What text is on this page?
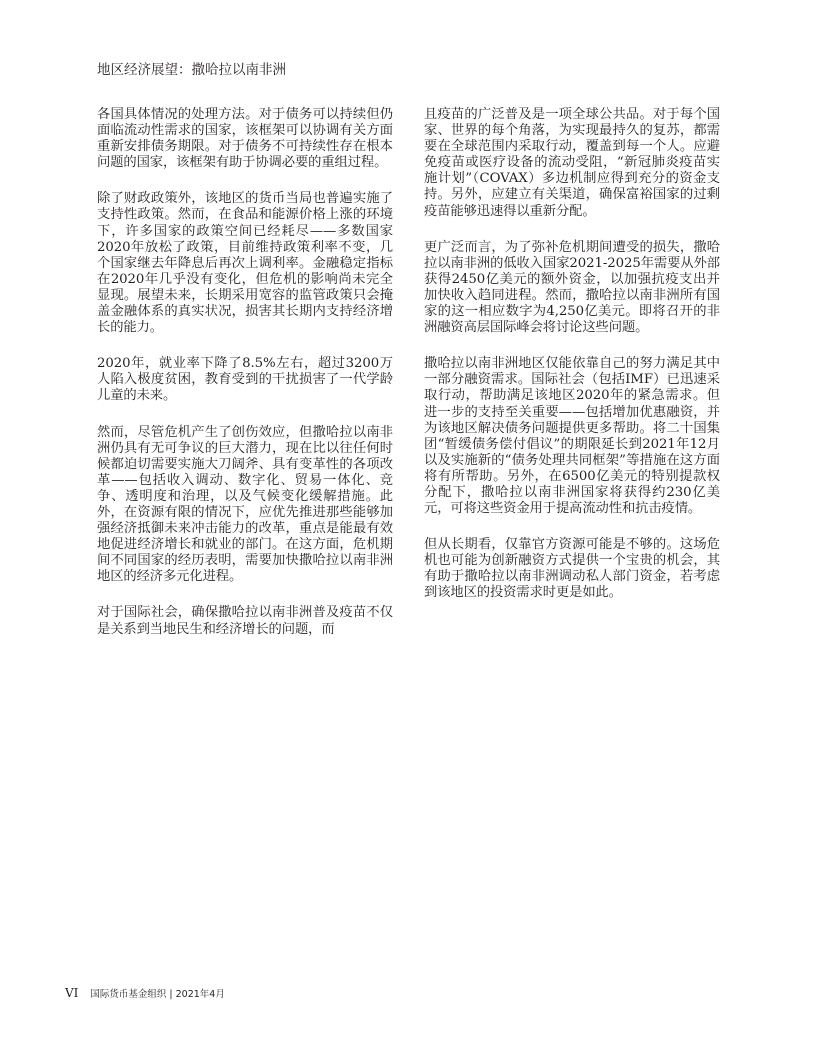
地区经济展望：撒哈拉以南非洲

各国具体情况的处理方法。对于债务可以持续但仍面临流动性需求的国家，该框架可以协调有关方面重新安排债务期限。对于债务不可持续性存在根本问题的国家，该框架有助于协调必要的重组过程。

除了财政政策外，该地区的货币当局也普遍实施了支持性政策。然而，在食品和能源价格上涨的环境下，许多国家的政策空间已经耗尽——多数国家2020年放松了政策，目前维持政策利率不变，几个国家继去年降息后再次上调利率。金融稳定指标在2020年几乎没有变化，但危机的影响尚未完全显现。展望未来，长期采用宽容的监管政策只会掩盖金融体系的真实状况，损害其长期内支持经济增长的能力。

2020年，就业率下降了8.5%左右，超过3200万人陷入极度贫困，教育受到的干扰损害了一代学龄儿童的未来。

然而，尽管危机产生了创伤效应，但撒哈拉以南非洲仍具有无可争议的巨大潜力，现在比以往任何时候都迫切需要实施大刀阔斧、具有变革性的各项改革——包括收入调动、数字化、贸易一体化、竞争、透明度和治理，以及气候变化缓解措施。此外，在资源有限的情况下，应优先推进那些能够加强经济抵御未来冲击能力的改革，重点是能最有效地促进经济增长和就业的部门。在这方面，危机期间不同国家的经历表明，需要加快撒哈拉以南非洲地区的经济多元化进程。

对于国际社会，确保撒哈拉以南非洲普及疫苗不仅是关系到当地民生和经济增长的问题，而

且疫苗的广泛普及是一项全球公共品。对于每个国家、世界的每个角落，为实现最持久的复苏，都需要在全球范围内采取行动，覆盖到每一个人。应避免疫苗或医疗设备的流动受阻，“新冠肺炎疫苗实施计划”（COVAX）多边机制应得到充分的资金支持。另外，应建立有关渠道，确保富裕国家的过剩疫苗能够迅速得以重新分配。

更广泛而言，为了弥补危机期间遭受的损失，撒哈拉以南非洲的低收入国家2021-2025年需要从外部获得2450亿美元的额外资金，以加强抗疫支出并加快收入趋同进程。然而，撒哈拉以南非洲所有国家的这一相应数字为4,250亿美元。即将召开的非洲融资高层国际峰会将讨论这些问题。

撒哈拉以南非洲地区仅能依靠自己的努力满足其中一部分融资需求。国际社会（包括IMF）已迅速采取行动，帮助满足该地区2020年的紧急需求。但进一步的支持至关重要——包括增加优惠融资，并为该地区解决债务问题提供更多帮助。将二十国集团“暂缓债务偿付倡议”的期限延长到2021年12月以及实施新的“债务处理共同框架”等措施在这方面将有所帮助。另外，在6500亿美元的特别提款权分配下，撒哈拉以南非洲国家将获得约230亿美元，可将这些资金用于提高流动性和抗击疫情。

但从长期看，仅靠官方资源可能是不够的。这场危机也可能为创新融资方式提供一个宝贵的机会，其有助于撒哈拉以南非洲调动私人部门资金，若考虑到该地区的投资需求时更是如此。

VI 国际货币基金组织 | 2021年4月
